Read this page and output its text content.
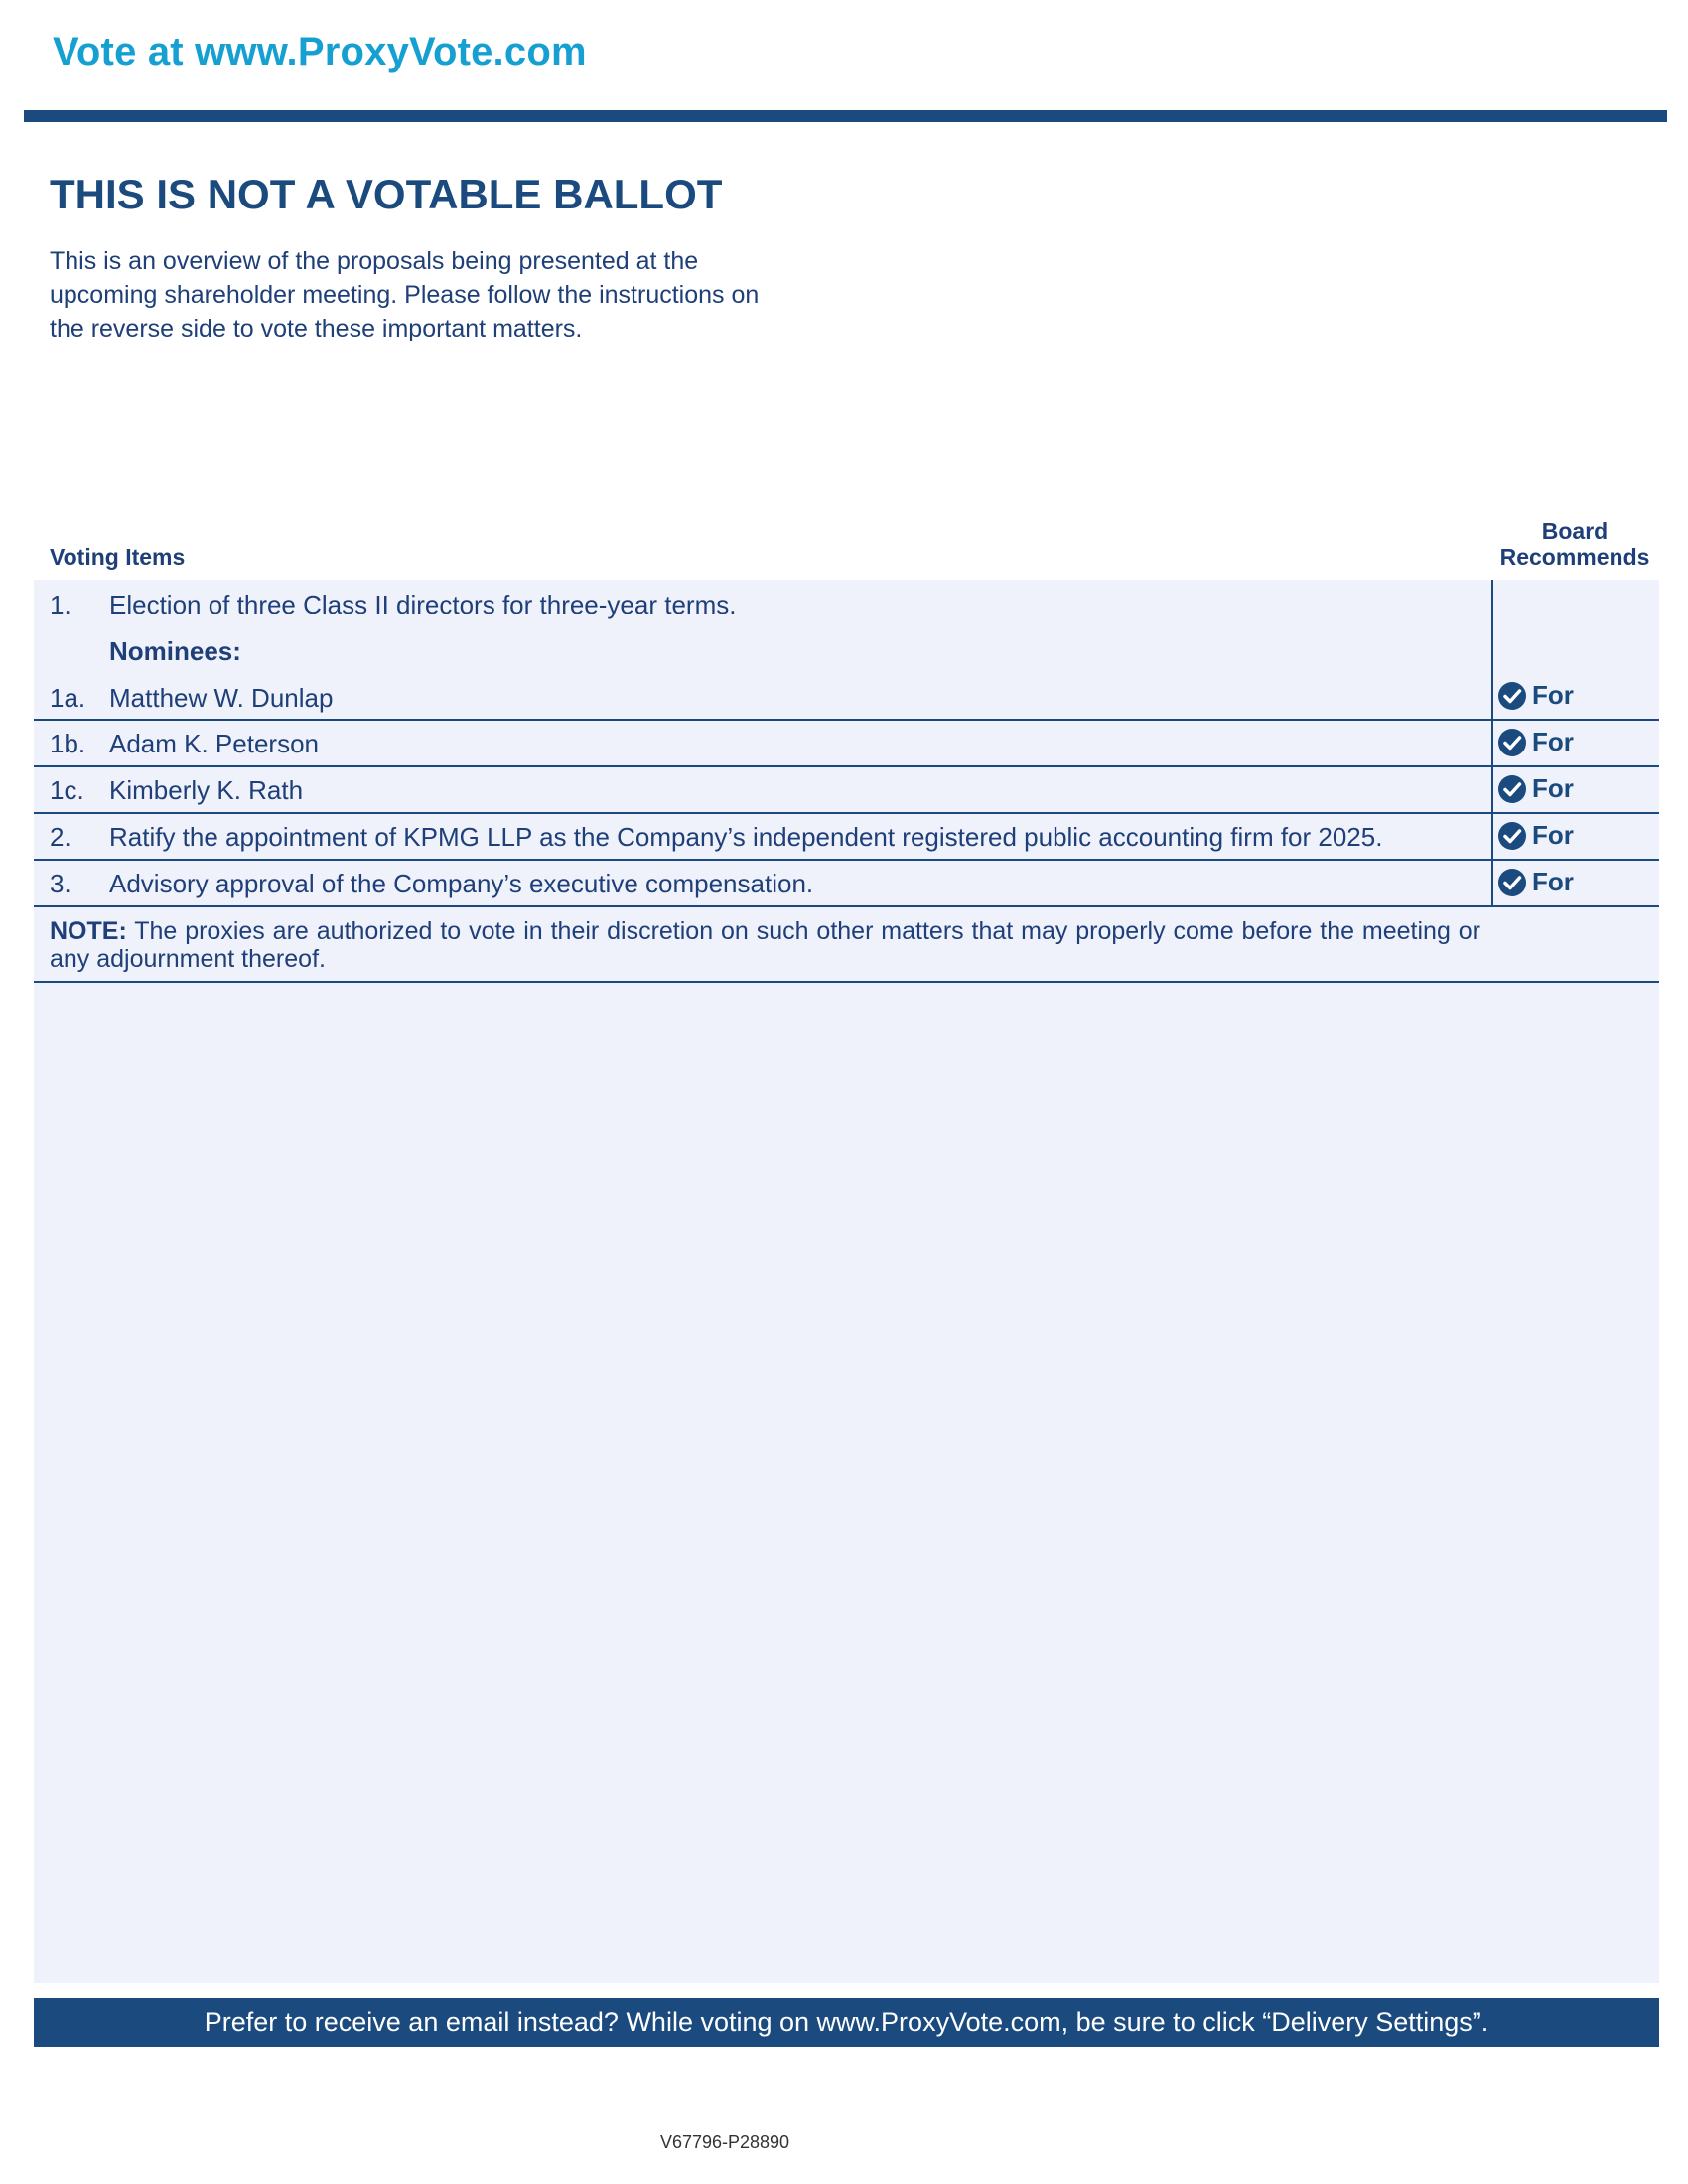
Vote at www.ProxyVote.com
THIS IS NOT A VOTABLE BALLOT
This is an overview of the proposals being presented at the
upcoming shareholder meeting. Please follow the instructions on
the reverse side to vote these important matters.
Voting Items
Board
Recommends
1. Election of three Class II directors for three-year terms.
Nominees:
1a. Matthew W. Dunlap	For
1b. Adam K. Peterson	For
1c. Kimberly K. Rath	For
2. Ratify the appointment of KPMG LLP as the Company’s independent registered public accounting firm for 2025.	For
3. Advisory approval of the Company’s executive compensation.	For
NOTE: The proxies are authorized to vote in their discretion on such other matters that may properly come before the meeting or any adjournment thereof.
Prefer to receive an email instead? While voting on www.ProxyVote.com, be sure to click “Delivery Settings”.
V67796-P28890
